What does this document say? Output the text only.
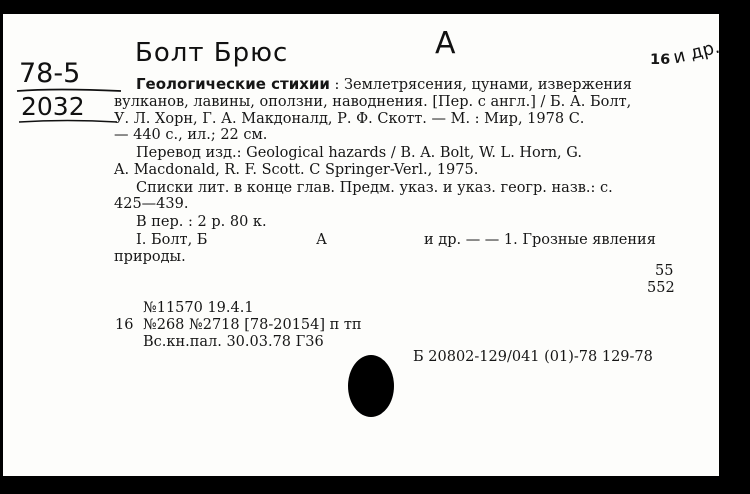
78-5
2032
Болт Брюс	A	и др.
16
Геологические стихии : Землетрясения, цунами, извержения
вулканов, лавины, оползни, наводнения. [Пер. с англ.] / Б. А. Болт,
У. Л. Хорн, Г. А. Макдоналд, Р. Ф. Скотт. — М. : Мир, 1978 С.
— 440 с., ил.; 22 см.
Перевод изд.: Geological hazards / B. A. Bolt, W. L. Horn, G.
A. Macdonald, R. F. Scott. C Springer-Verl., 1975.
Списки лит. в конце глав. Предм. указ. и указ. геогр. назв.: с.
425—439.
В пер. : 2 р. 80 к.
I. Болт, Б	А	и др. — — 1. Грозные явления
природы.
55
552
№11570 19.4.1
16 №268 №2718 [78-20154] п тп
Вс.кн.пал. 30.03.78 Г36
Б 20802-129/041 (01)-78 129-78
